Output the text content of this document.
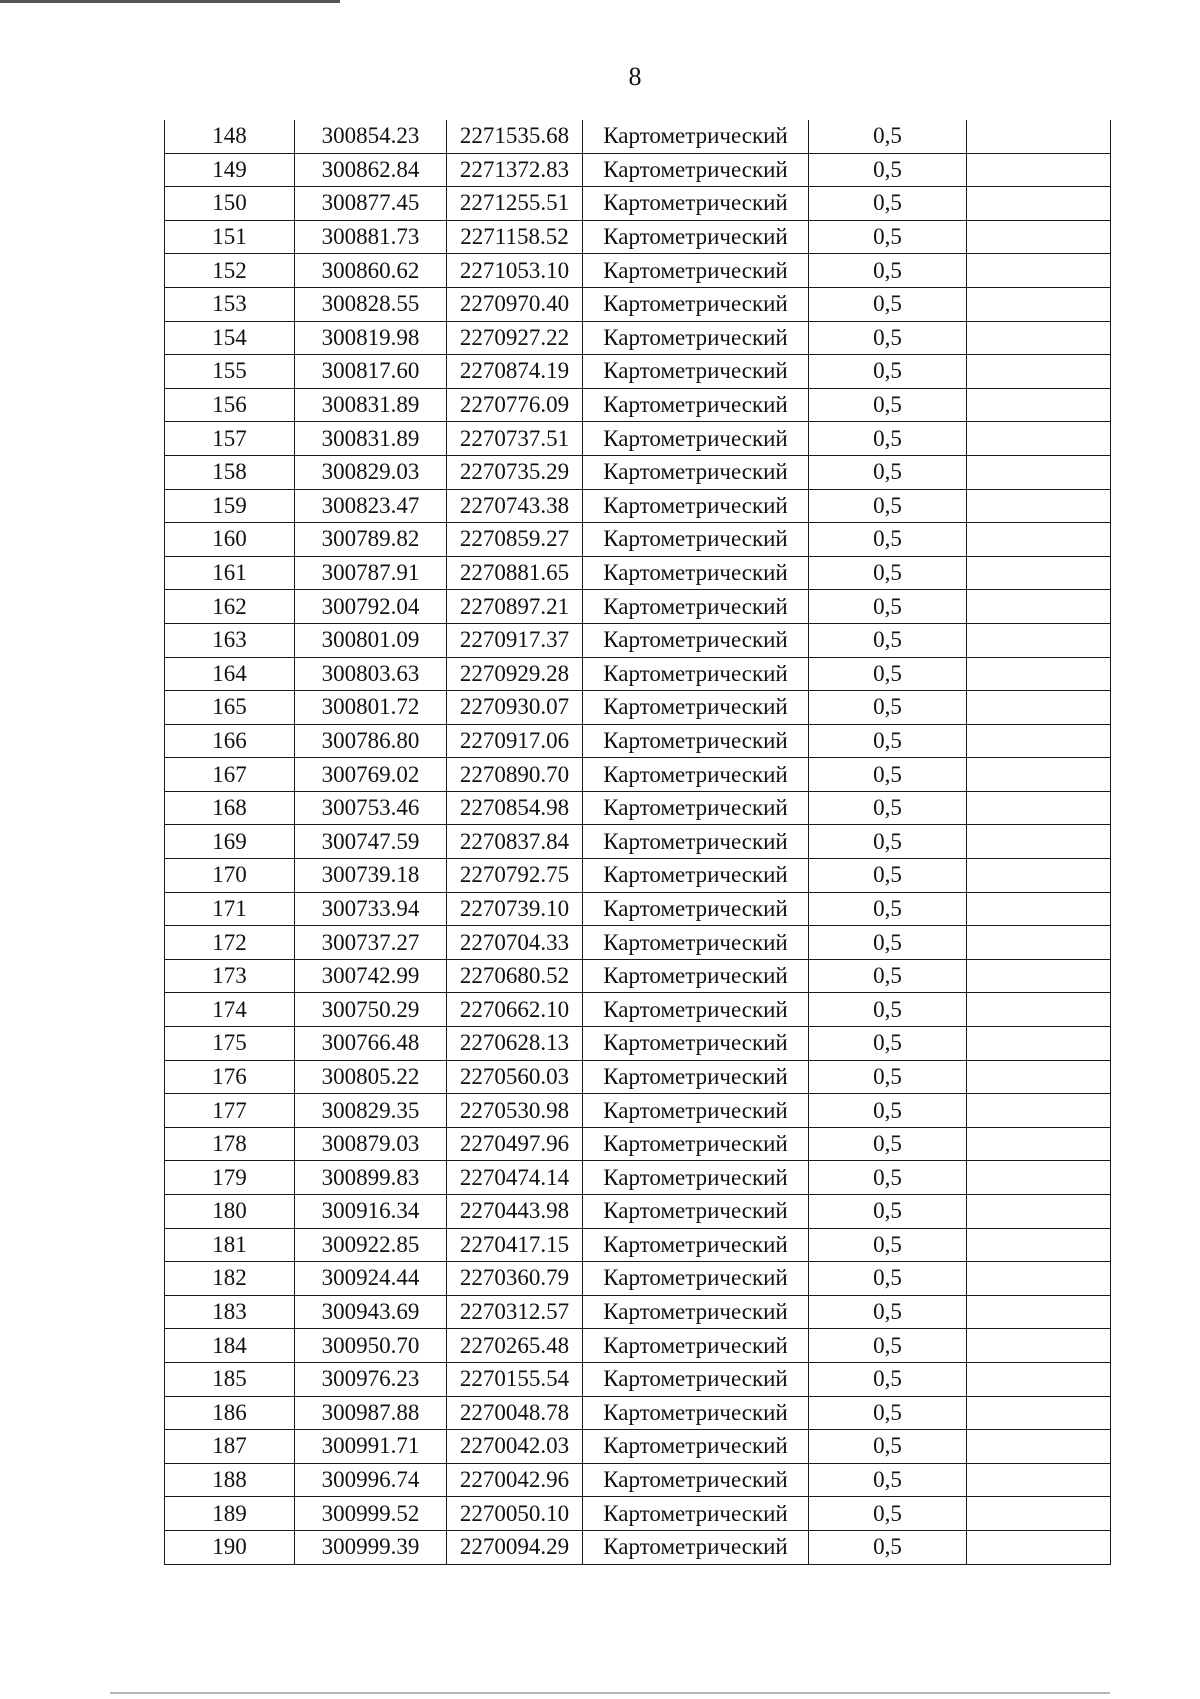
8
148	300854.23	2271535.68	Картометрический	0,5	
149	300862.84	2271372.83	Картометрический	0,5	
150	300877.45	2271255.51	Картометрический	0,5	
151	300881.73	2271158.52	Картометрический	0,5	
152	300860.62	2271053.10	Картометрический	0,5	
153	300828.55	2270970.40	Картометрический	0,5	
154	300819.98	2270927.22	Картометрический	0,5	
155	300817.60	2270874.19	Картометрический	0,5	
156	300831.89	2270776.09	Картометрический	0,5	
157	300831.89	2270737.51	Картометрический	0,5	
158	300829.03	2270735.29	Картометрический	0,5	
159	300823.47	2270743.38	Картометрический	0,5	
160	300789.82	2270859.27	Картометрический	0,5	
161	300787.91	2270881.65	Картометрический	0,5	
162	300792.04	2270897.21	Картометрический	0,5	
163	300801.09	2270917.37	Картометрический	0,5	
164	300803.63	2270929.28	Картометрический	0,5	
165	300801.72	2270930.07	Картометрический	0,5	
166	300786.80	2270917.06	Картометрический	0,5	
167	300769.02	2270890.70	Картометрический	0,5	
168	300753.46	2270854.98	Картометрический	0,5	
169	300747.59	2270837.84	Картометрический	0,5	
170	300739.18	2270792.75	Картометрический	0,5	
171	300733.94	2270739.10	Картометрический	0,5	
172	300737.27	2270704.33	Картометрический	0,5	
173	300742.99	2270680.52	Картометрический	0,5	
174	300750.29	2270662.10	Картометрический	0,5	
175	300766.48	2270628.13	Картометрический	0,5	
176	300805.22	2270560.03	Картометрический	0,5	
177	300829.35	2270530.98	Картометрический	0,5	
178	300879.03	2270497.96	Картометрический	0,5	
179	300899.83	2270474.14	Картометрический	0,5	
180	300916.34	2270443.98	Картометрический	0,5	
181	300922.85	2270417.15	Картометрический	0,5	
182	300924.44	2270360.79	Картометрический	0,5	
183	300943.69	2270312.57	Картометрический	0,5	
184	300950.70	2270265.48	Картометрический	0,5	
185	300976.23	2270155.54	Картометрический	0,5	
186	300987.88	2270048.78	Картометрический	0,5	
187	300991.71	2270042.03	Картометрический	0,5	
188	300996.74	2270042.96	Картометрический	0,5	
189	300999.52	2270050.10	Картометрический	0,5	
190	300999.39	2270094.29	Картометрический	0,5	
